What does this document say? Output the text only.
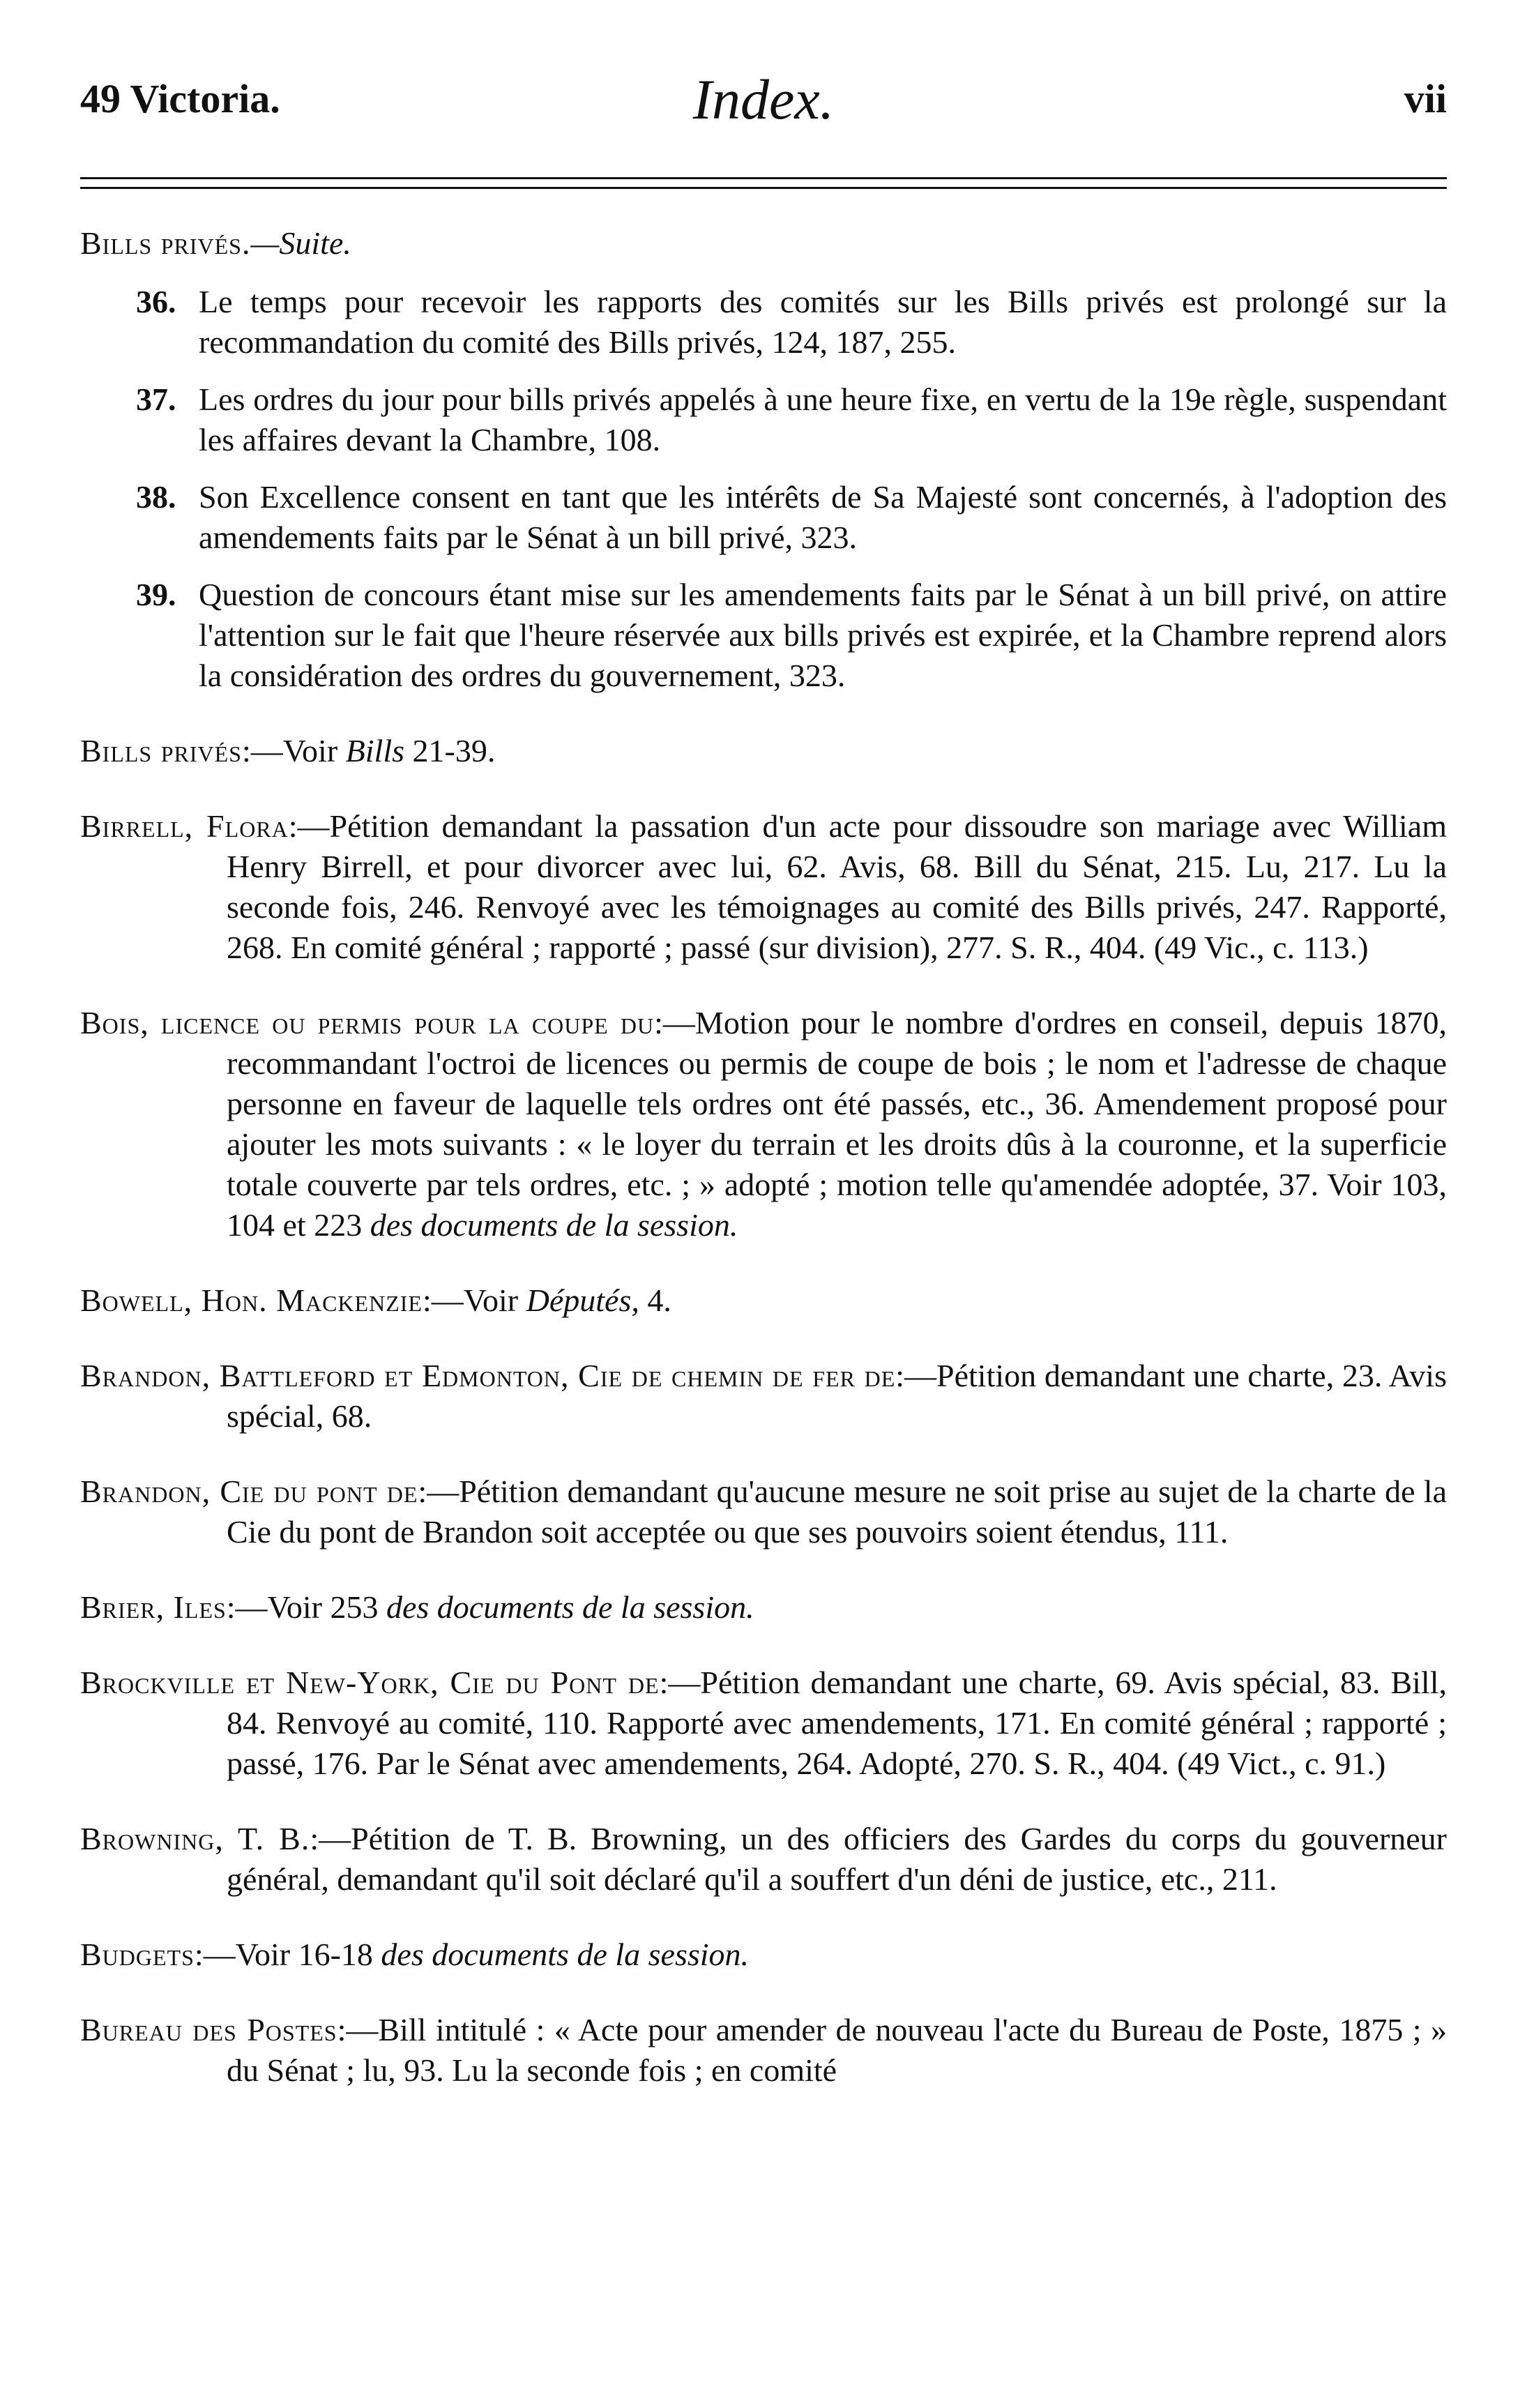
49 Victoria.	Index.	vii
Bills privés.—Suite.
36. Le temps pour recevoir les rapports des comités sur les Bills privés est prolongé sur la recommandation du comité des Bills privés, 124, 187, 255.
37. Les ordres du jour pour bills privés appelés à une heure fixe, en vertu de la 19e règle, suspendant les affaires devant la Chambre, 108.
38. Son Excellence consent en tant que les intérêts de Sa Majesté sont concernés, à l'adoption des amendements faits par le Sénat à un bill privé, 323.
39. Question de concours étant mise sur les amendements faits par le Sénat à un bill privé, on attire l'attention sur le fait que l'heure réservée aux bills privés est expirée, et la Chambre reprend alors la considération des ordres du gouvernement, 323.
Bills privés:—Voir Bills 21-39.
Birrell, Flora:—Pétition demandant la passation d'un acte pour dissoudre son mariage avec William Henry Birrell, et pour divorcer avec lui, 62. Avis, 68. Bill du Sénat, 215. Lu, 217. Lu la seconde fois, 246. Renvoyé avec les témoignages au comité des Bills privés, 247. Rapporté, 268. En comité général ; rapporté ; passé (sur division), 277. S. R., 404. (49 Vic., c. 113.)
Bois, licence ou permis pour la coupe du:—Motion pour le nombre d'ordres en conseil, depuis 1870, recommandant l'octroi de licences ou permis de coupe de bois ; le nom et l'adresse de chaque personne en faveur de laquelle tels ordres ont été passés, etc., 36. Amendement proposé pour ajouter les mots suivants : « le loyer du terrain et les droits dûs à la couronne, et la superficie totale couverte par tels ordres, etc. ; » adopté ; motion telle qu'amendée adoptée, 37. Voir 103, 104 et 223 des documents de la session.
Bowell, Hon. Mackenzie:—Voir Députés, 4.
Brandon, Battleford et Edmonton, Cie de chemin de fer de:—Pétition demandant une charte, 23. Avis spécial, 68.
Brandon, Cie du pont de:—Pétition demandant qu'aucune mesure ne soit prise au sujet de la charte de la Cie du pont de Brandon soit acceptée ou que ses pouvoirs soient étendus, 111.
Brier, Iles:—Voir 253 des documents de la session.
Brockville et New-York, Cie du Pont de:—Pétition demandant une charte, 69. Avis spécial, 83. Bill, 84. Renvoyé au comité, 110. Rapporté avec amendements, 171. En comité général ; rapporté ; passé, 176. Par le Sénat avec amendements, 264. Adopté, 270. S. R., 404. (49 Vict., c. 91.)
Browning, T. B.:—Pétition de T. B. Browning, un des officiers des Gardes du corps du gouverneur général, demandant qu'il soit déclaré qu'il a souffert d'un déni de justice, etc., 211.
Budgets:—Voir 16-18 des documents de la session.
Bureau des Postes:—Bill intitulé : « Acte pour amender de nouveau l'acte du Bureau de Poste, 1875 ; » du Sénat ; lu, 93. Lu la seconde fois ; en comité
